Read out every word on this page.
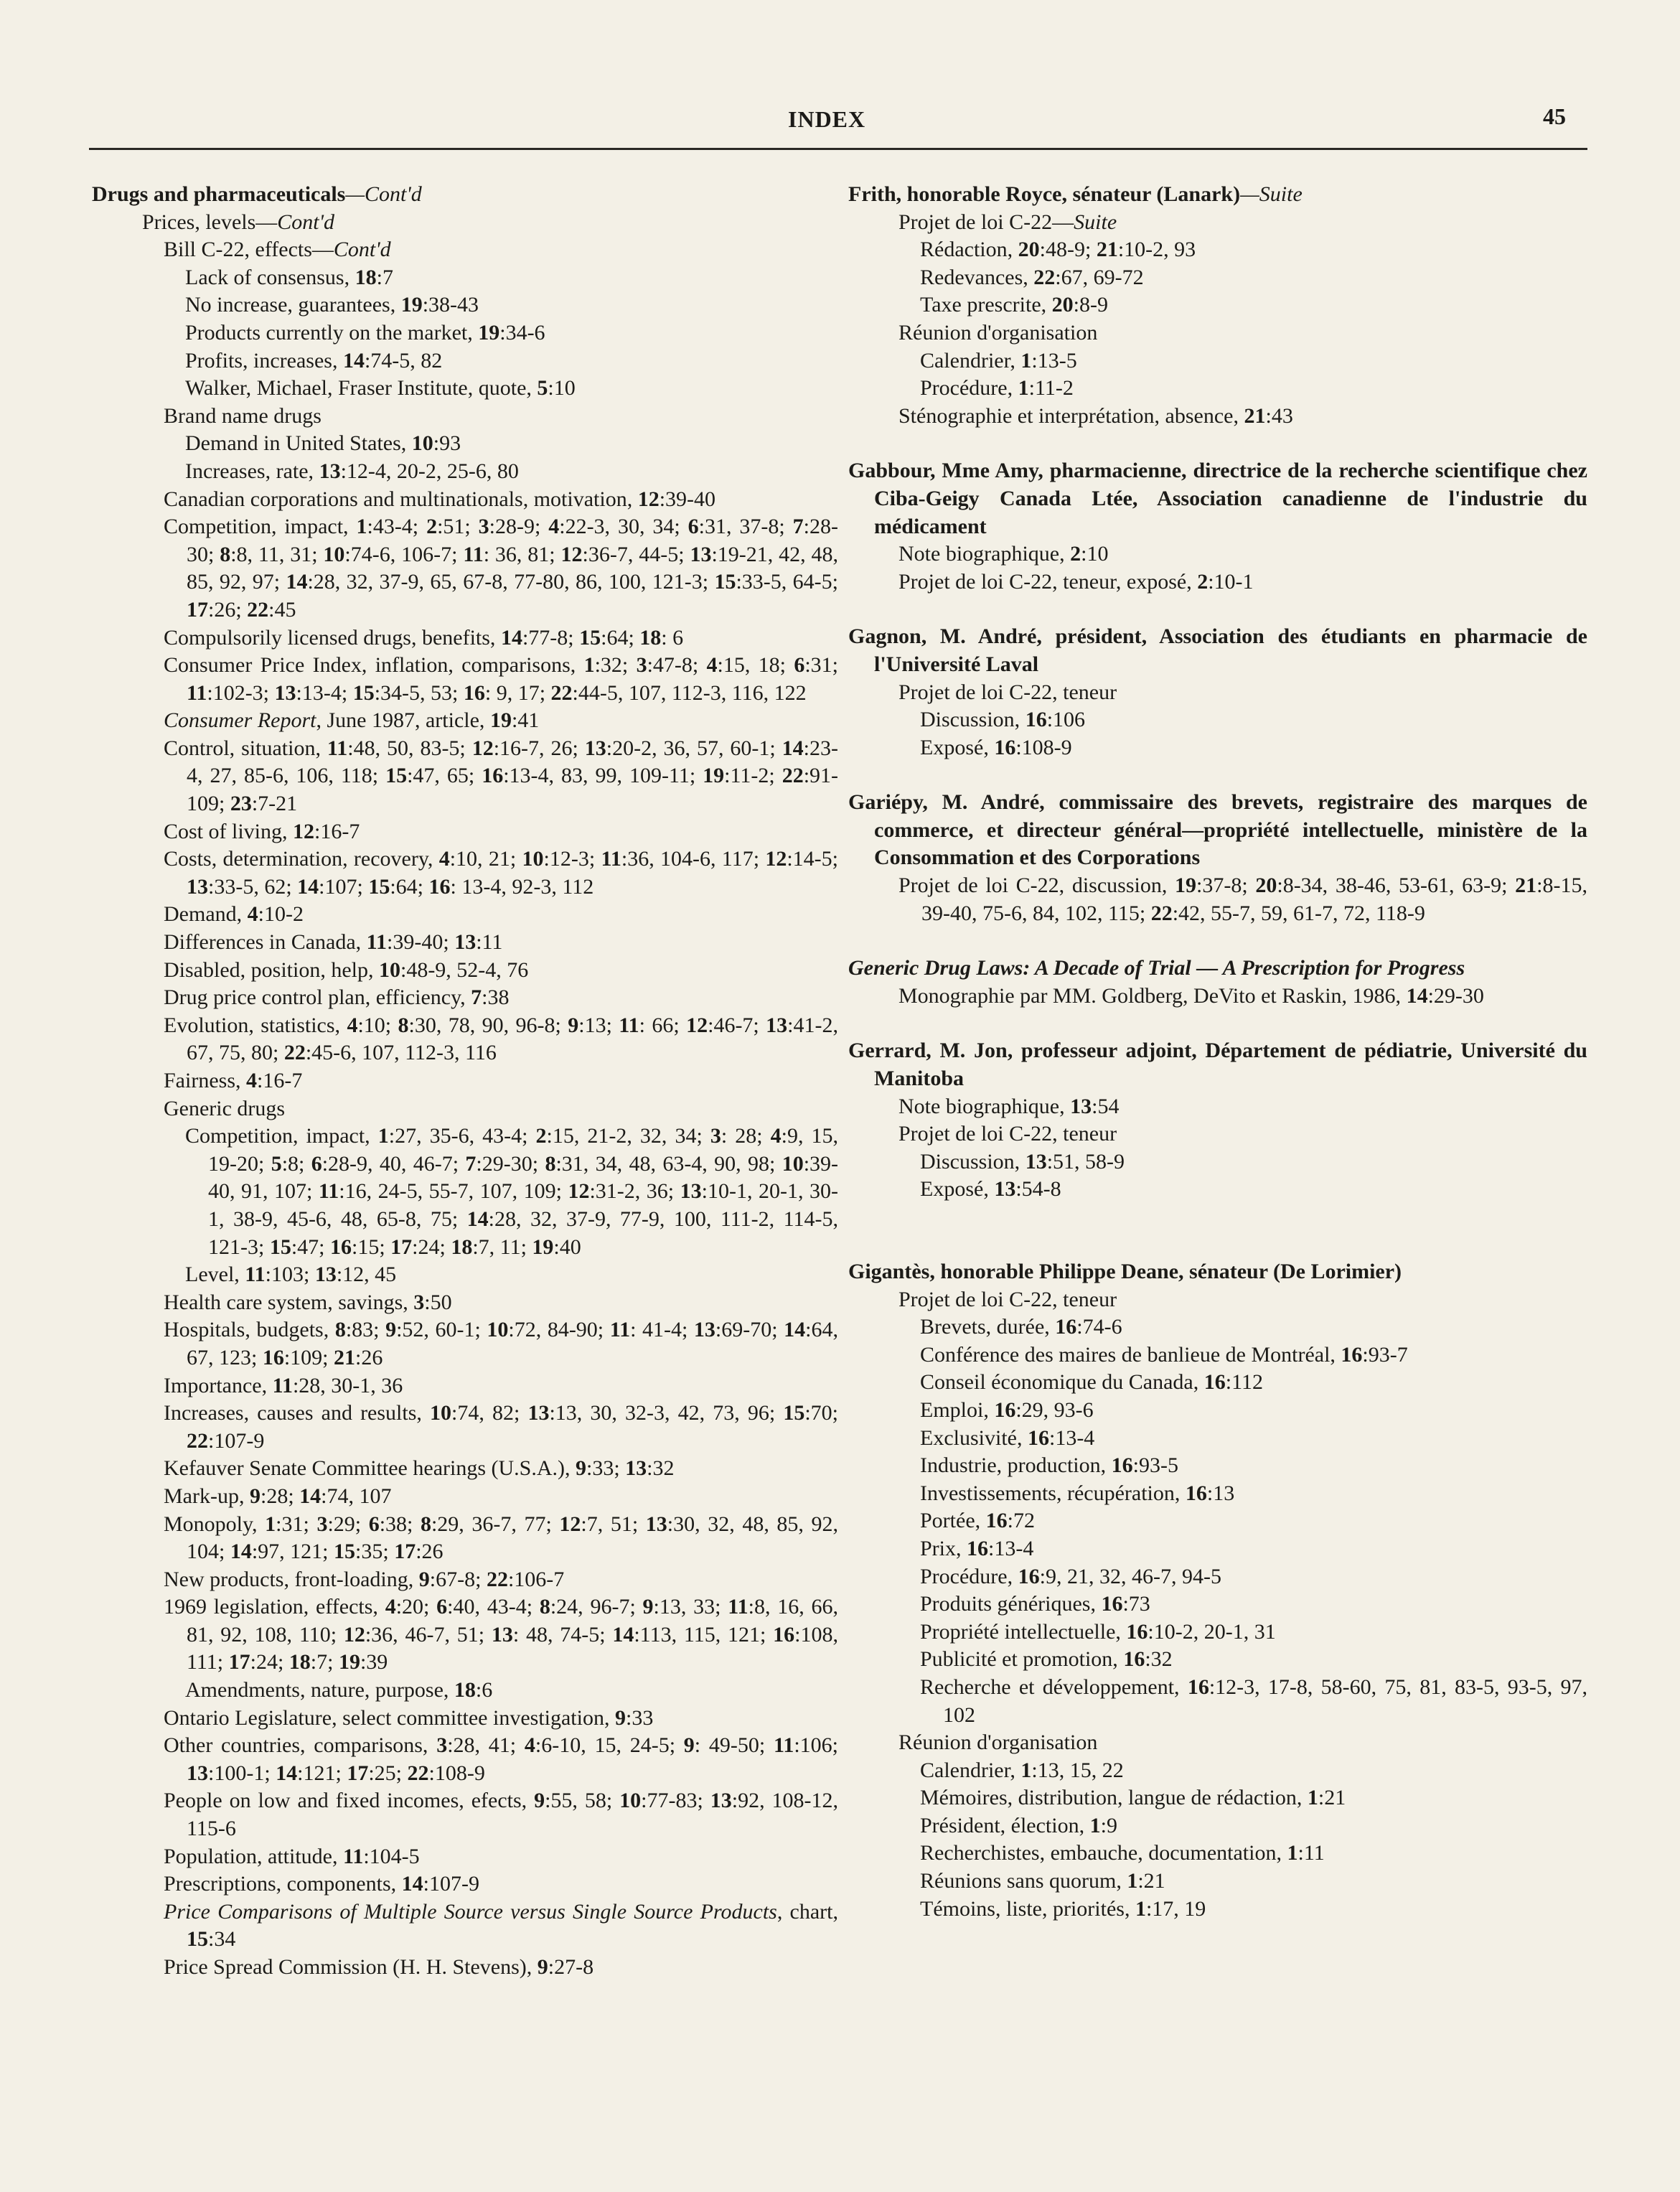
INDEX	45

Drugs and pharmaceuticals—Cont'd

Prices, levels—Cont'd

Bill C-22, effects—Cont'd

Lack of consensus, 18:7

No increase, guarantees, 19:38-43

Products currently on the market, 19:34-6

Profits, increases, 14:74-5, 82

Walker, Michael, Fraser Institute, quote, 5:10

Brand name drugs

Demand in United States, 10:93

Increases, rate, 13:12-4, 20-2, 25-6, 80

Canadian corporations and multinationals, motivation, 12:39-40

Competition, impact, 1:43-4; 2:51; 3:28-9; 4:22-3, 30, 34; 6:31, 37-8; 7:28-30; 8:8, 11, 31; 10:74-6, 106-7; 11: 36, 81; 12:36-7, 44-5; 13:19-21, 42, 48, 85, 92, 97; 14:28, 32, 37-9, 65, 67-8, 77-80, 86, 100, 121-3; 15:33-5, 64-5; 17:26; 22:45

Compulsorily licensed drugs, benefits, 14:77-8; 15:64; 18: 6

Consumer Price Index, inflation, comparisons, 1:32; 3:47-8; 4:15, 18; 6:31; 11:102-3; 13:13-4; 15:34-5, 53; 16: 9, 17; 22:44-5, 107, 112-3, 116, 122

Consumer Report, June 1987, article, 19:41

Control, situation, 11:48, 50, 83-5; 12:16-7, 26; 13:20-2, 36, 57, 60-1; 14:23-4, 27, 85-6, 106, 118; 15:47, 65; 16:13-4, 83, 99, 109-11; 19:11-2; 22:91-109; 23:7-21

Cost of living, 12:16-7

Costs, determination, recovery, 4:10, 21; 10:12-3; 11:36, 104-6, 117; 12:14-5; 13:33-5, 62; 14:107; 15:64; 16: 13-4, 92-3, 112

Demand, 4:10-2

Differences in Canada, 11:39-40; 13:11

Disabled, position, help, 10:48-9, 52-4, 76

Drug price control plan, efficiency, 7:38

Evolution, statistics, 4:10; 8:30, 78, 90, 96-8; 9:13; 11: 66; 12:46-7; 13:41-2, 67, 75, 80; 22:45-6, 107, 112-3, 116

Fairness, 4:16-7

Generic drugs

Competition, impact, 1:27, 35-6, 43-4; 2:15, 21-2, 32, 34; 3: 28; 4:9, 15, 19-20; 5:8; 6:28-9, 40, 46-7; 7:29-30; 8:31, 34, 48, 63-4, 90, 98; 10:39-40, 91, 107; 11:16, 24-5, 55-7, 107, 109; 12:31-2, 36; 13:10-1, 20-1, 30-1, 38-9, 45-6, 48, 65-8, 75; 14:28, 32, 37-9, 77-9, 100, 111-2, 114-5, 121-3; 15:47; 16:15; 17:24; 18:7, 11; 19:40

Level, 11:103; 13:12, 45

Health care system, savings, 3:50

Hospitals, budgets, 8:83; 9:52, 60-1; 10:72, 84-90; 11: 41-4; 13:69-70; 14:64, 67, 123; 16:109; 21:26

Importance, 11:28, 30-1, 36

Increases, causes and results, 10:74, 82; 13:13, 30, 32-3, 42, 73, 96; 15:70; 22:107-9

Kefauver Senate Committee hearings (U.S.A.), 9:33; 13:32

Mark-up, 9:28; 14:74, 107

Monopoly, 1:31; 3:29; 6:38; 8:29, 36-7, 77; 12:7, 51; 13:30, 32, 48, 85, 92, 104; 14:97, 121; 15:35; 17:26

New products, front-loading, 9:67-8; 22:106-7

1969 legislation, effects, 4:20; 6:40, 43-4; 8:24, 96-7; 9:13, 33; 11:8, 16, 66, 81, 92, 108, 110; 12:36, 46-7, 51; 13: 48, 74-5; 14:113, 115, 121; 16:108, 111; 17:24; 18:7; 19:39

Amendments, nature, purpose, 18:6

Ontario Legislature, select committee investigation, 9:33

Other countries, comparisons, 3:28, 41; 4:6-10, 15, 24-5; 9: 49-50; 11:106; 13:100-1; 14:121; 17:25; 22:108-9

People on low and fixed incomes, efects, 9:55, 58; 10:77-83; 13:92, 108-12, 115-6

Population, attitude, 11:104-5

Prescriptions, components, 14:107-9

Price Comparisons of Multiple Source versus Single Source Products, chart, 15:34

Price Spread Commission (H. H. Stevens), 9:27-8

Frith, honorable Royce, sénateur (Lanark)—Suite

Projet de loi C-22—Suite

Rédaction, 20:48-9; 21:10-2, 93

Redevances, 22:67, 69-72

Taxe prescrite, 20:8-9

Réunion d'organisation

Calendrier, 1:13-5

Procédure, 1:11-2

Sténographie et interprétation, absence, 21:43

Gabbour, Mme Amy, pharmacienne, directrice de la recherche scientifique chez Ciba-Geigy Canada Ltée, Association canadienne de l'industrie du médicament

Note biographique, 2:10

Projet de loi C-22, teneur, exposé, 2:10-1

Gagnon, M. André, président, Association des étudiants en pharmacie de l'Université Laval

Projet de loi C-22, teneur

Discussion, 16:106

Exposé, 16:108-9

Gariépy, M. André, commissaire des brevets, registraire des marques de commerce, et directeur général—propriété intellectuelle, ministère de la Consommation et des Corporations

Projet de loi C-22, discussion, 19:37-8; 20:8-34, 38-46, 53-61, 63-9; 21:8-15, 39-40, 75-6, 84, 102, 115; 22:42, 55-7, 59, 61-7, 72, 118-9

Generic Drug Laws: A Decade of Trial — A Prescription for Progress

Monographie par MM. Goldberg, DeVito et Raskin, 1986, 14:29-30

Gerrard, M. Jon, professeur adjoint, Département de pédiatrie, Université du Manitoba

Note biographique, 13:54

Projet de loi C-22, teneur

Discussion, 13:51, 58-9

Exposé, 13:54-8

Gigantès, honorable Philippe Deane, sénateur (De Lorimier)

Projet de loi C-22, teneur

Brevets, durée, 16:74-6

Conférence des maires de banlieue de Montréal, 16:93-7

Conseil économique du Canada, 16:112

Emploi, 16:29, 93-6

Exclusivité, 16:13-4

Industrie, production, 16:93-5

Investissements, récupération, 16:13

Portée, 16:72

Prix, 16:13-4

Procédure, 16:9, 21, 32, 46-7, 94-5

Produits génériques, 16:73

Propriété intellectuelle, 16:10-2, 20-1, 31

Publicité et promotion, 16:32

Recherche et développement, 16:12-3, 17-8, 58-60, 75, 81, 83-5, 93-5, 97, 102

Réunion d'organisation

Calendrier, 1:13, 15, 22

Mémoires, distribution, langue de rédaction, 1:21

Président, élection, 1:9

Recherchistes, embauche, documentation, 1:11

Réunions sans quorum, 1:21

Témoins, liste, priorités, 1:17, 19
